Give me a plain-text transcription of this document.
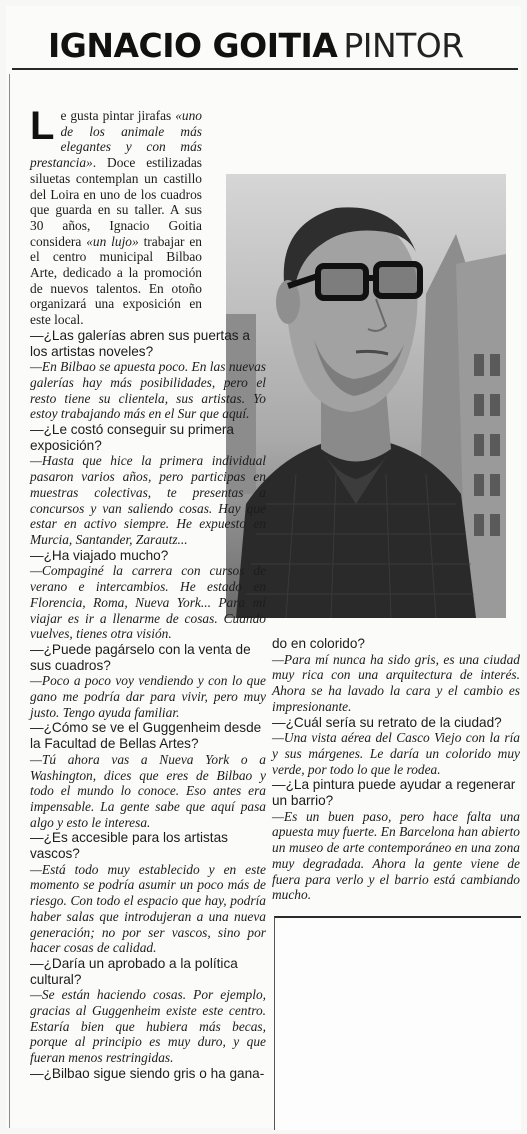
IGNACIO GOITIA PINTOR

Le gusta pintar jirafas «uno de los animale más elegantes y con más prestancia». Doce estilizadas siluetas contemplan un castillo del Loira en uno de los cuadros que guarda en su taller. A sus 30 años, Ignacio Goitia considera «un lujo» trabajar en el centro municipal Bilbao Arte, dedicado a la promoción de nuevos talentos. En otoño organizará una exposición en este local.

—¿Las galerías abren sus puertas a los artistas noveles?

—En Bilbao se apuesta poco. En las nuevas galerías hay más posibilidades, pero el resto tiene su clientela, sus artistas. Yo estoy trabajando más en el Sur que aquí.

—¿Le costó conseguir su primera exposición?

—Hasta que hice la primera individual pasaron varios años, pero participas en muestras colectivas, te presentas a concursos y van saliendo cosas. Hay que estar en activo siempre. He expuesto en Murcia, Santander, Zarautz...

—¿Ha viajado mucho?

—Compaginé la carrera con cursos de verano e intercambios. He estado en Florencia, Roma, Nueva York... Para mí viajar es ir a llenarme de cosas. Cuando vuelves, tienes otra visión.

—¿Puede pagárselo con la venta de sus cuadros?

—Poco a poco voy vendiendo y con lo que gano me podría dar para vivir, pero muy justo. Tengo ayuda familiar.

—¿Cómo se ve el Guggenheim desde la Facultad de Bellas Artes?

—Tú ahora vas a Nueva York o a Washington, dices que eres de Bilbao y todo el mundo lo conoce. Eso antes era impensable. La gente sabe que aquí pasa algo y esto le interesa.

—¿Es accesible para los artistas vascos?

—Está todo muy establecido y en este momento se podría asumir un poco más de riesgo. Con todo el espacio que hay, podría haber salas que introdujeran a una nueva generación; no por ser vascos, sino por hacer cosas de calidad.

—¿Daría un aprobado a la política cultural?

—Se están haciendo cosas. Por ejemplo, gracias al Guggenheim existe este centro. Estaría bien que hubiera más becas, porque al principio es muy duro, y que fueran menos restringidas.

—¿Bilbao sigue siendo gris o ha gana-

do en colorido?

—Para mí nunca ha sido gris, es una ciudad muy rica con una arquitectura de interés. Ahora se ha lavado la cara y el cambio es impresionante.

—¿Cuál sería su retrato de la ciudad?

—Una vista aérea del Casco Viejo con la ría y sus márgenes. Le daría un colorido muy verde, por todo lo que le rodea.

—¿La pintura puede ayudar a regenerar un barrio?

—Es un buen paso, pero hace falta una apuesta muy fuerte. En Barcelona han abierto un museo de arte contemporáneo en una zona muy degradada. Ahora la gente viene de fuera para verlo y el barrio está cambiando mucho.
